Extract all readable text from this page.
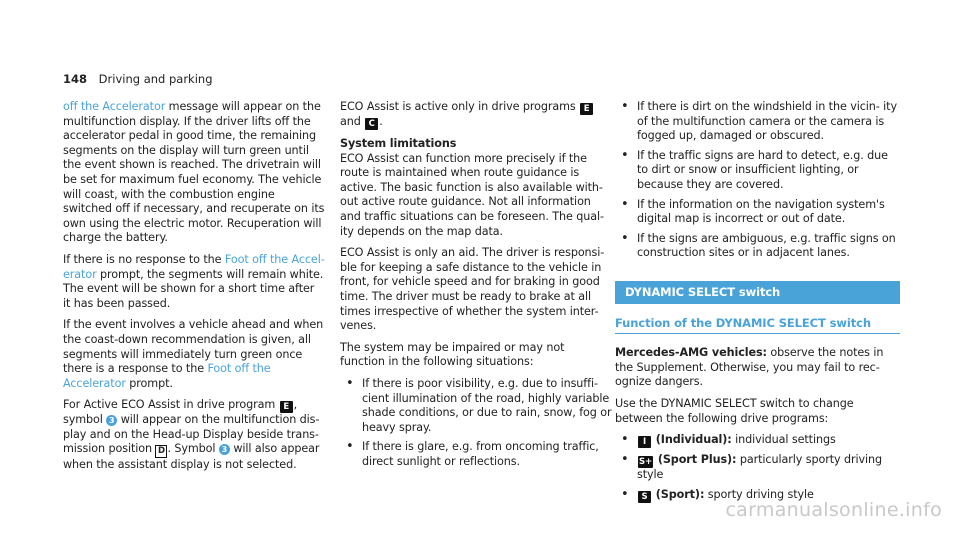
148 Driving and parking

off the Accelerator message will appear on the multifunction display. If the driver lifts off the accelerator pedal in good time, the remaining segments on the display will turn green until the event shown is reached. The drivetrain will be set for maximum fuel economy. The vehicle will coast, with the combustion engine switched off if necessary, and recuperate on its own using the electric motor. Recuperation will charge the battery.

If there is no response to the Foot off the Accel- erator prompt, the segments will remain white. The event will be shown for a short time after it has been passed.

If the event involves a vehicle ahead and when the coast-down recommendation is given, all segments will immediately turn green once there is a response to the Foot off the Accelerator prompt.

For Active ECO Assist in drive program E , symbol 3 will appear on the multifunction dis- play and on the Head-up Display beside trans- mission position D . Symbol 3 will also appear when the assistant display is not selected.

ECO Assist is active only in drive programs E and C .

System limitations

ECO Assist can function more precisely if the route is maintained when route guidance is active. The basic function is also available with- out active route guidance. Not all information and traffic situations can be foreseen. The qual- ity depends on the map data.

ECO Assist is only an aid. The driver is responsi- ble for keeping a safe distance to the vehicle in front, for vehicle speed and for braking in good time. The driver must be ready to brake at all times irrespective of whether the system inter- venes.

The system may be impaired or may not function in the following situations:

• If there is poor visibility, e.g. due to insuffi- cient illumination of the road, highly variable shade conditions, or due to rain, snow, fog or heavy spray.
• If there is glare, e.g. from oncoming traffic, direct sunlight or reflections.
• If there is dirt on the windshield in the vicin- ity of the multifunction camera or the camera is fogged up, damaged or obscured.
• If the traffic signs are hard to detect, e.g. due to dirt or snow or insufficient lighting, or because they are covered.
• If the information on the navigation system's digital map is incorrect or out of date.
• If the signs are ambiguous, e.g. traffic signs on construction sites or in adjacent lanes.
DYNAMIC SELECT switch
Function of the DYNAMIC SELECT switch

Mercedes-AMG vehicles: observe the notes in the Supplement. Otherwise, you may fail to rec- ognize dangers.

Use the DYNAMIC SELECT switch to change between the following drive programs:

• I (Individual): individual settings
• S+ (Sport Plus): particularly sporty driving style
• S (Sport): sporty driving style
carmanualsonline.info
